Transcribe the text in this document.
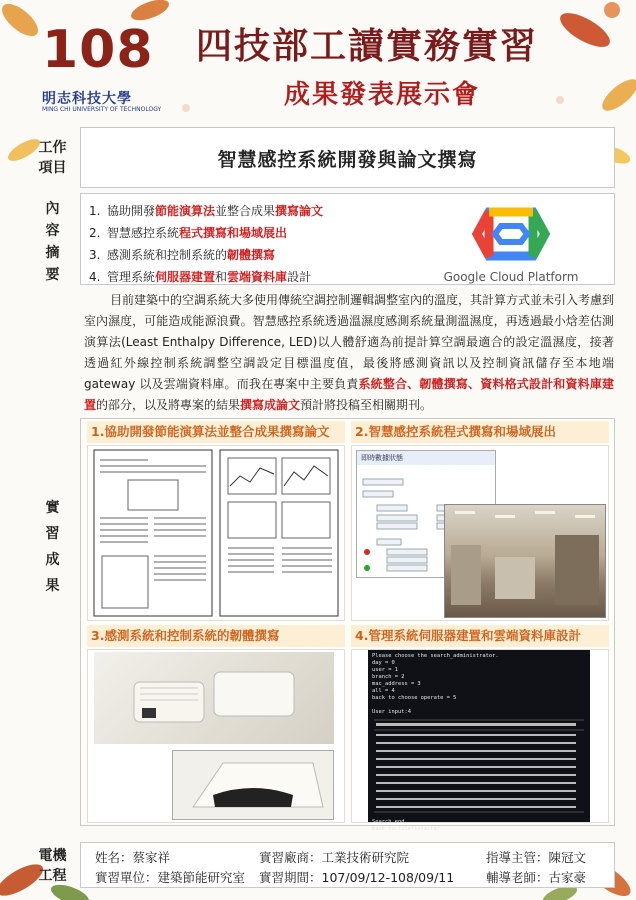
108
明志科技大學
MING CHI UNIVERSITY OF TECHNOLOGY
四技部工讀實務實習
成果發表展示會
工作
項目	智慧感控系統開發與論文撰寫
內
容
摘
要
1. 協助開發節能演算法並整合成果撰寫論文
2. 智慧感控系統程式撰寫和場域展出
3. 感測系統和控制系統的韌體撰寫
4. 管理系統伺服器建置和雲端資料庫設計	Google Cloud Platform
目前建築中的空調系統大多使用傳統空調控制邏輯調整室內的溫度，其計算方式並未引入考慮到室內濕度，可能造成能源浪費。智慧感控系統透過溫濕度感測系統量測溫濕度，再透過最小焓差估測演算法(Least Enthalpy Difference, LED)以人體舒適為前提計算空調最適合的設定溫濕度，接著透過紅外線控制系統調整空調設定目標溫度值，最後將感測資訊以及控制資訊儲存至本地端 gateway 以及雲端資料庫。而我在專案中主要負責系統整合、韌體撰寫、資料格式設計和資料庫建置的部分，以及將專案的結果撰寫成論文預計將投稿至相關期刊。
實
習
成
果
1.協助開發節能演算法並整合成果撰寫論文	2.智慧感控系統程式撰寫和場域展出
即時數據狀態
3.感測系統和控制系統的韌體撰寫	4.管理系統伺服器建置和雲端資料庫設計
Please choose the search_administrator.
day = 0
user = 1
branch = 2
mac_address = 3
all = 4
back to choose operate = 5
User input:4
Search end.
Back to filelistalter
電機
工程
姓名：蔡家祥	實習廠商：工業技術研究院	指導主管：陳冠文
實習單位：建築節能研究室 實習期間：107/09/12-108/09/11	輔導老師：古家豪
